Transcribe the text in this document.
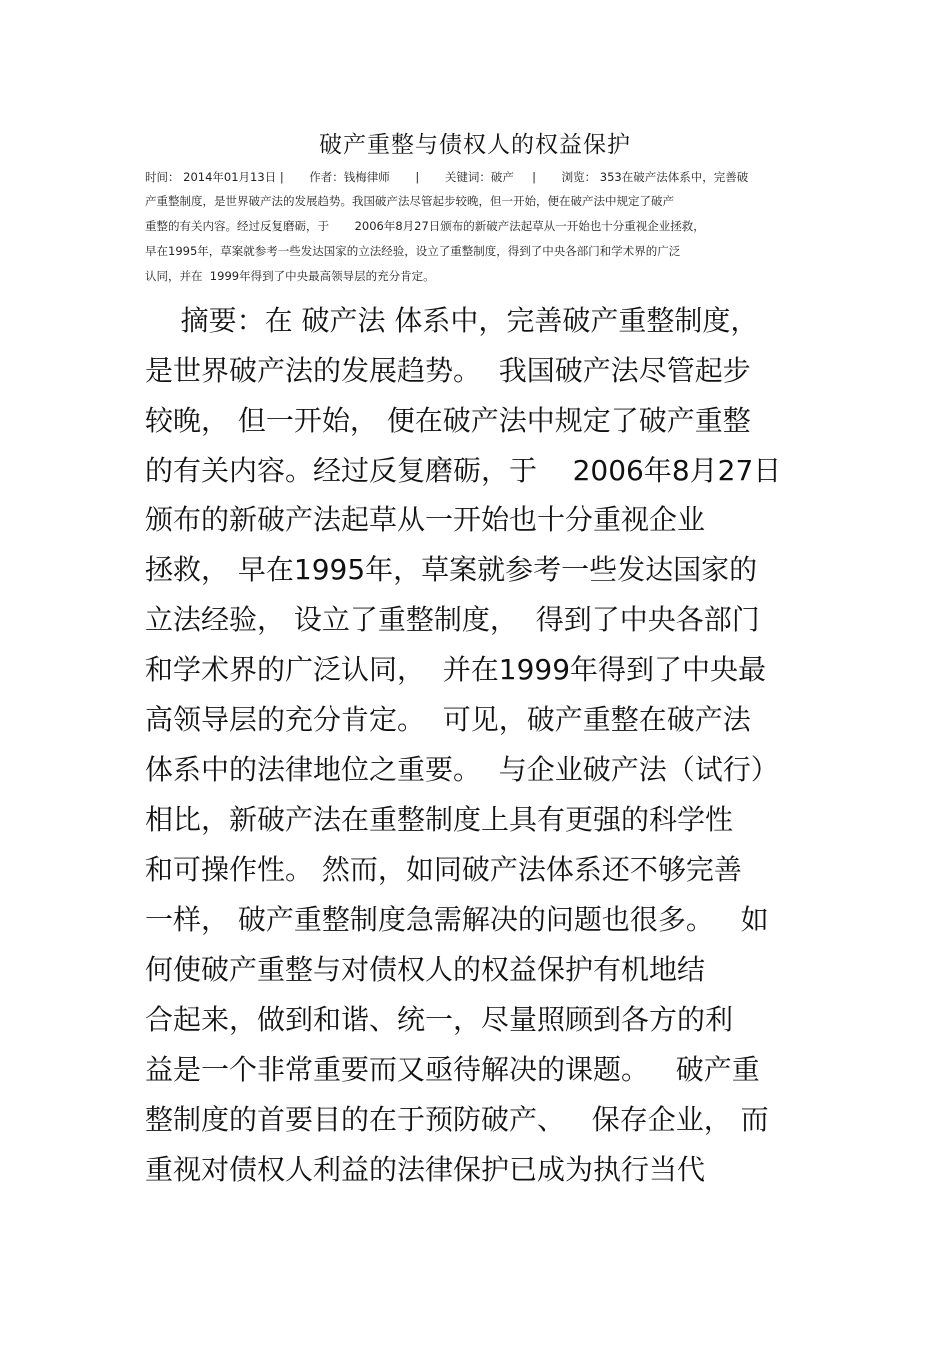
破产重整与债权人的权益保护
时间： 2014年01月13日 |       作者：钱梅律师       |       关键词：破产     |       浏览： 353在破产法体系中，完善破
产重整制度，是世界破产法的发展趋势。我国破产法尽管起步较晚，但一开始，便在破产法中规定了破产
重整的有关内容。经过反复磨砺，于       2006年8月27日颁布的新破产法起草从一开始也十分重视企业拯救，
早在1995年，草案就参考一些发达国家的立法经验，设立了重整制度，得到了中央各部门和学术界的广泛
认同，并在  1999年得到了中央最高领导层的充分肯定。
摘要：在 破产法 体系中，完善破产重整制度，
是世界破产法的发展趋势。  我国破产法尽管起步
较晚， 但一开始， 便在破产法中规定了破产重整
的有关内容。经过反复磨砺，于    2006年8月27日
颁布的新破产法起草从一开始也十分重视企业
拯救， 早在1995年，草案就参考一些发达国家的
立法经验， 设立了重整制度，  得到了中央各部门
和学术界的广泛认同，  并在1999年得到了中央最
高领导层的充分肯定。  可见，破产重整在破产法
体系中的法律地位之重要。  与企业破产法（试行）
相比，新破产法在重整制度上具有更强的科学性
和可操作性。 然而，如同破产法体系还不够完善
一样， 破产重整制度急需解决的问题也很多。   如
何使破产重整与对债权人的权益保护有机地结
合起来，做到和谐、统一，尽量照顾到各方的利
益是一个非常重要而又亟待解决的课题。   破产重
整制度的首要目的在于预防破产、   保存企业， 而
重视对债权人利益的法律保护已成为执行当代
